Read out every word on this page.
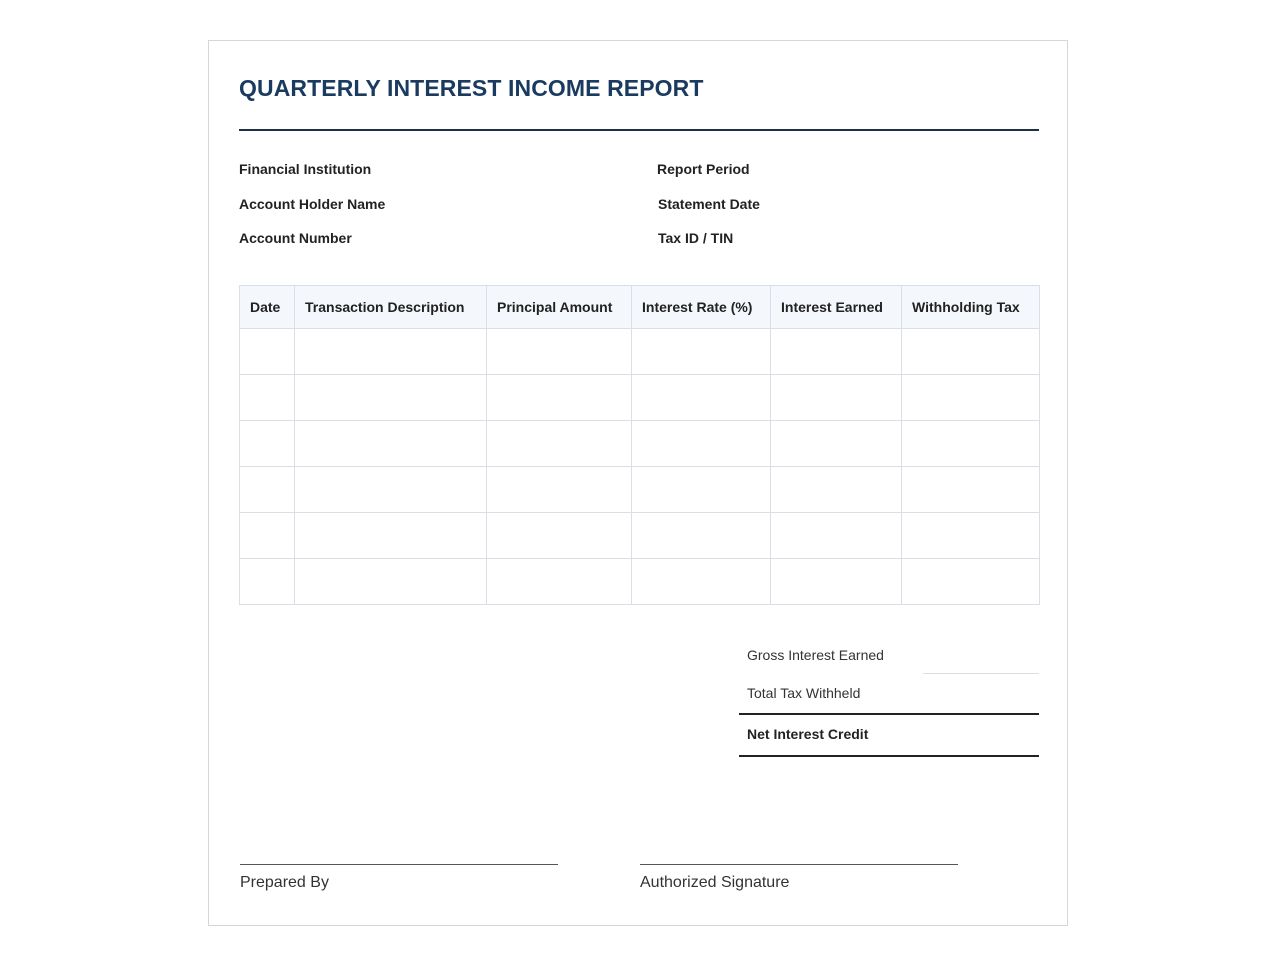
QUARTERLY INTEREST INCOME REPORT
Financial Institution
Account Holder Name
Account Number
Report Period
Statement Date
Tax ID / TIN
Date	Transaction Description	Principal Amount	Interest Rate (%)	Interest Earned	Withholding Tax

Gross Interest Earned
Total Tax Withheld
Net Interest Credit
Prepared By	Authorized Signature
